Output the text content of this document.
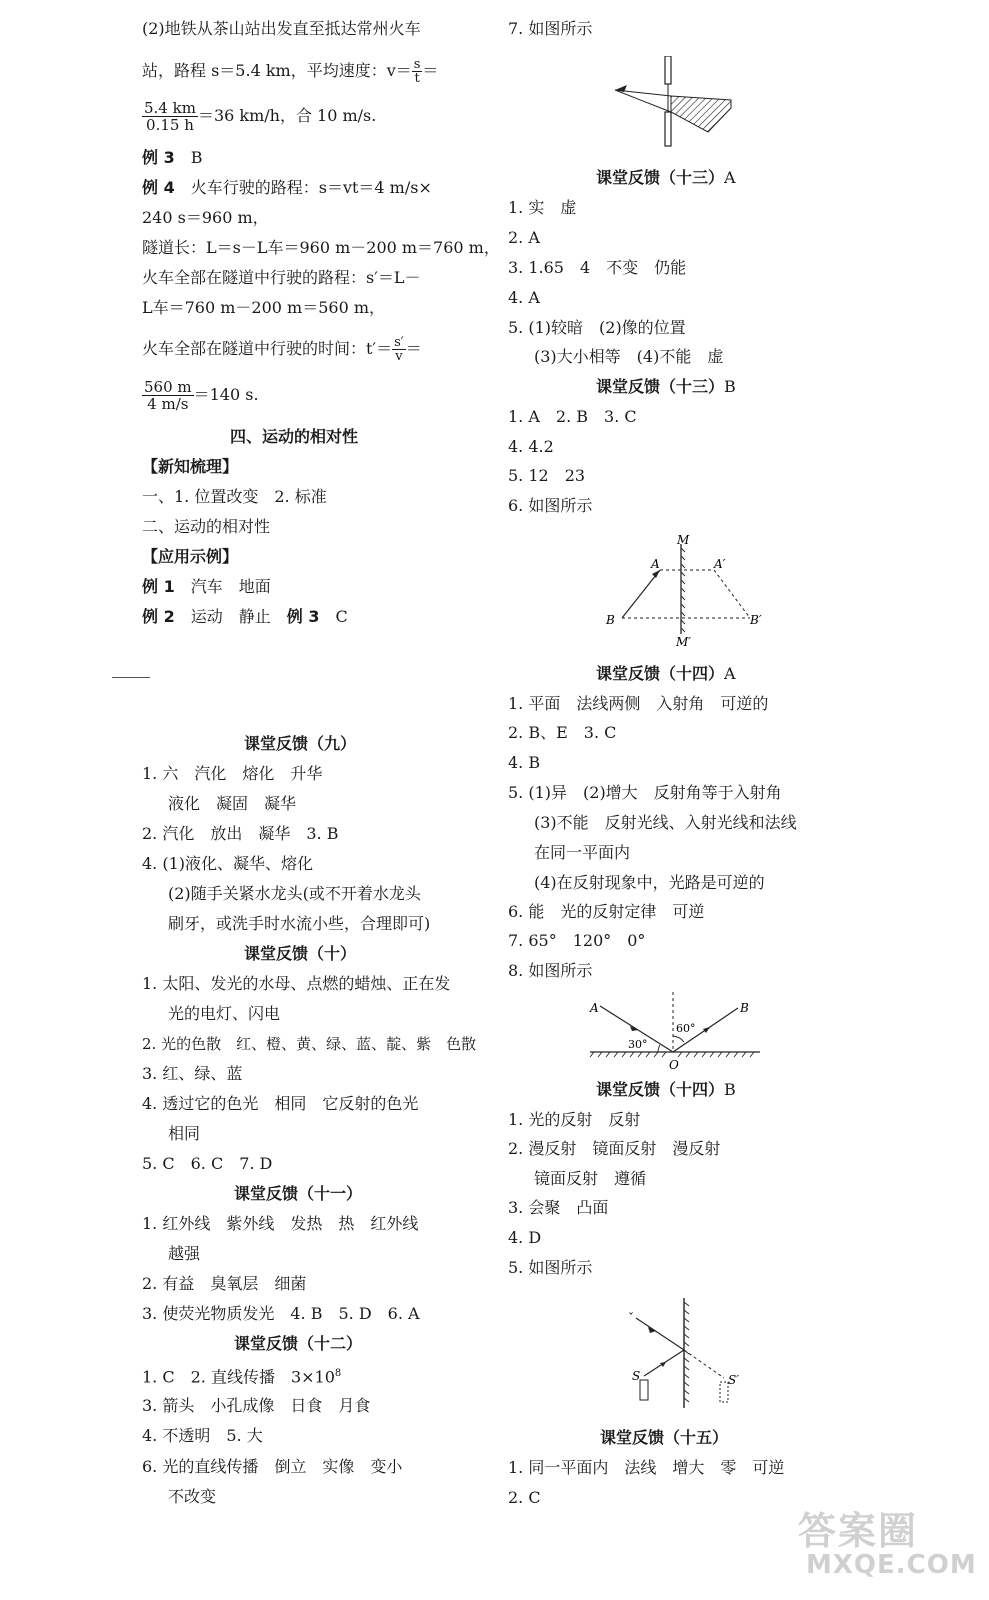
(2)地铁从茶山站出发直至抵达常州火车
站，路程 s＝5.4 km，平均速度：$v= \frac{s}{t}$ ＝
$\frac{5.4 km}{0.15 h} =36$ km/h，合 10 m/s.
例 3　 B
例 4　 火车行驶的路程：s＝vt＝4 m/s×
240 s＝960 m，
隧道长：L＝s－L车＝960 m－200 m＝760 m，
火车全部在隧道中行驶的路程：s′＝L－
L车＝760 m－200 m＝560 m，
火车全部在隧道中行驶的时间：$t'= \frac{s'}{v}$ ＝
$\frac{560 m}{4 m/s} =140$ s.
四、运动的相对性
【新知梳理】
一、1. 位置改变　2. 标准
二、运动的相对性
【应用示例】
例 1　 汽车　地面
例 2　 运动　静止　 例 3　 C
课堂反馈（九）
1. 六　汽化　熔化　升华
液化　凝固　凝华
2. 汽化　放出　凝华　3. B
4. (1)液化、凝华、熔化
(2)随手关紧水龙头(或不开着水龙头
刷牙，或洗手时水流小些，合理即可)
课堂反馈（十）
1. 太阳、发光的水母、点燃的蜡烛、正在发
光的电灯、闪电
2. 光的色散　红、橙、黄、绿、蓝、靛、紫　色散
3. 红、绿、蓝
4. 透过它的色光　相同　它反射的色光
相同
5. C　6. C　7. D
课堂反馈（十一）
1. 红外线　紫外线　发热　热　红外线
越强
2. 有益　臭氧层　细菌
3. 使荧光物质发光　4. B　5. D　6. A
课堂反馈（十二）
1. C　2. 直线传播　$3\times 10^8$
3. 箭头　小孔成像　日食　月食
4. 不透明　5. 大
6. 光的直线传播　倒立　实像　变小
不改变
7. 如图所示
课堂反馈（十三）A
1. 实　虚
2. A
3. 1.65　4　不变　仍能
4. A
5. (1)较暗　(2)像的位置
(3)大小相等　(4)不能　虚
课堂反馈（十三）B
1. A　2. B　3. C
4. 4.2
5. 12　23
6. 如图所示
M
M′
A	A′
B	B′
课堂反馈（十四）A
1. 平面　法线两侧　入射角　可逆的
2. B、E　3. C
4. B
5. (1)异　(2)增大　反射角等于入射角
(3)不能　反射光线、入射光线和法线
在同一平面内
(4)在反射现象中，光路是可逆的
6. 能　光的反射定律　可逆
7. 65°　120°　0°
8. 如图所示
A	B
O
30°
60°
课堂反馈（十四）B
1. 光的反射　反射
2. 漫反射　镜面反射　漫反射
镜面反射　遵循
3. 会聚　凸面
4. D
5. 如图所示
ˇ
S	S′
课堂反馈（十五）
1. 同一平面内　法线　增大　零　可逆
2. C
答案圈
MXQE.COM
